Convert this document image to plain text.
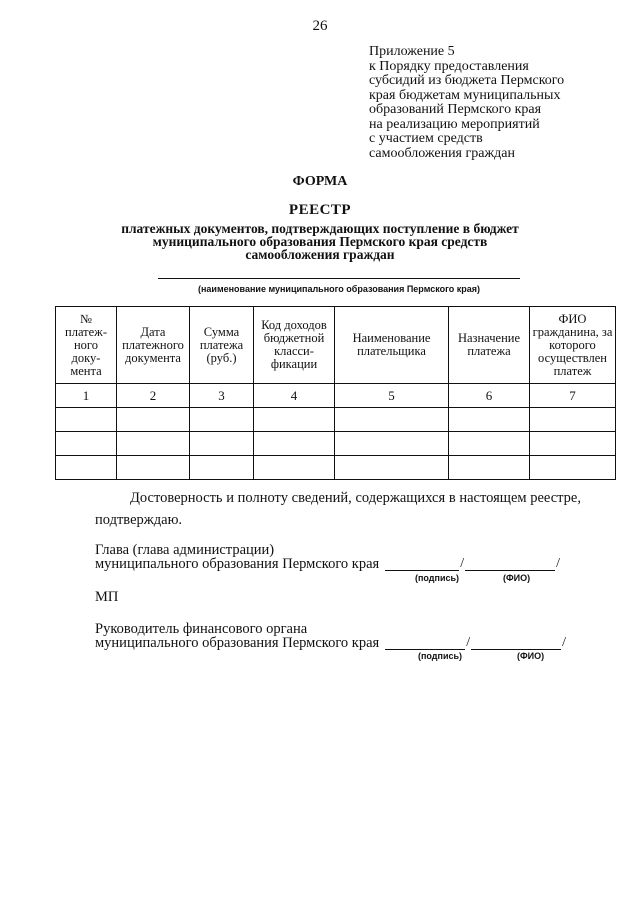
26
Приложение 5
к Порядку предоставления
субсидий из бюджета Пермского
края бюджетам муниципальных
образований Пермского края
на реализацию мероприятий
с участием средств
самообложения граждан
ФОРМА
РЕЕСТР
платежных документов, подтверждающих поступление в бюджет
муниципального образования Пермского края средств
самообложения граждан
(наименование муниципального образования Пермского края)
№ платеж-ного доку-мента	Дата платежного документа	Сумма платежа (руб.)	Код доходов бюджетной класси-фикации	Наименование плательщика	Назначение платежа	ФИО гражданина, за которого осуществлен платеж
1	2	3	4	5	6	7

Достоверность и полноту сведений, содержащихся в настоящем реестре, подтверждаю.
Глава (глава администрации)
муниципального образования Пермского края	/	/
(подпись)	(ФИО)
МП
Руководитель финансового органа
муниципального образования Пермского края	/	/
(подпись)	(ФИО)
